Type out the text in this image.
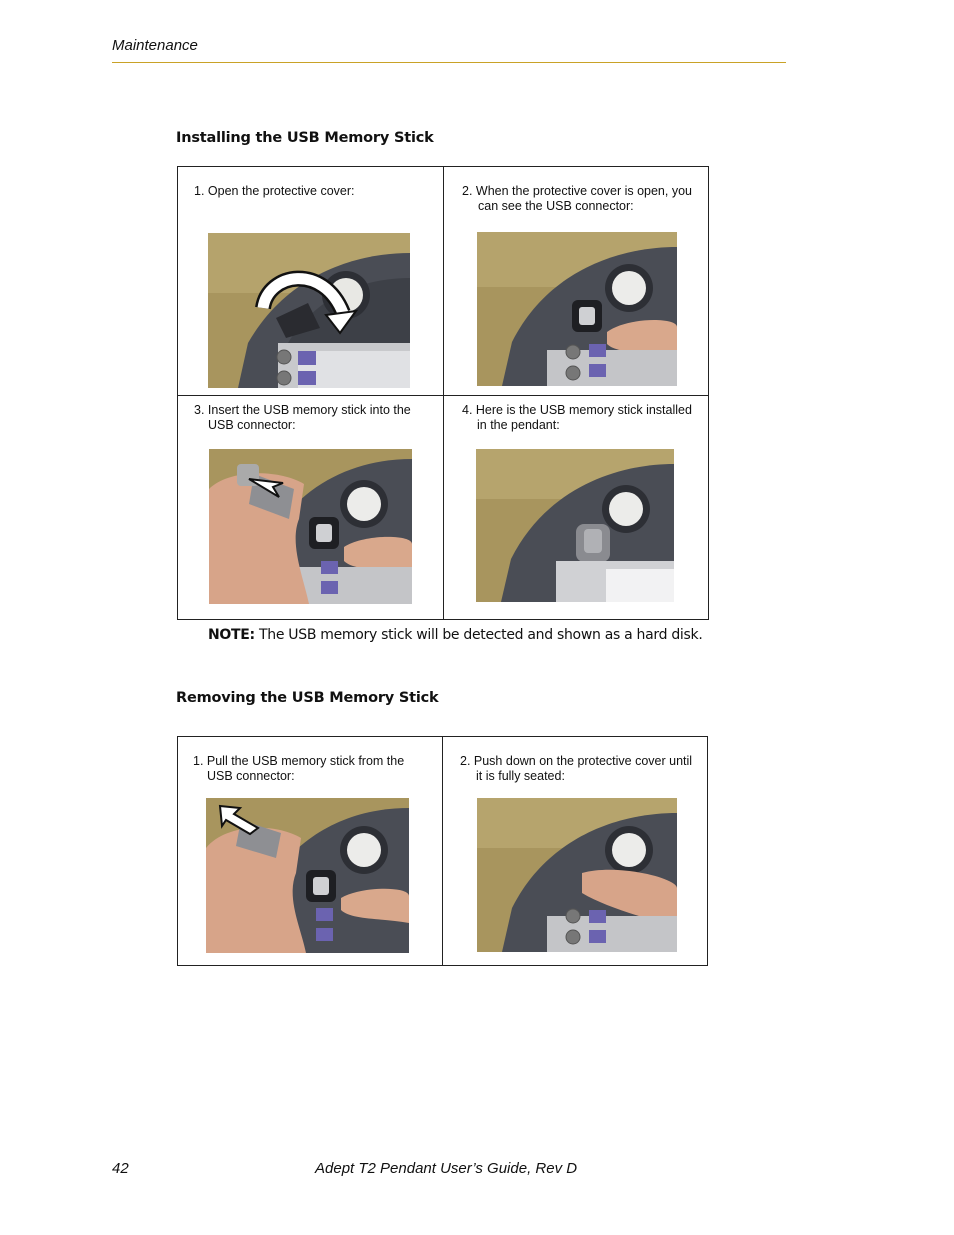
Maintenance
Installing the USB Memory Stick
1. Open the protective cover:	2. When the protective cover is open, you
can see the USB connector:
3. Insert the USB memory stick into the
USB connector:
4. Here is the USB memory stick installed
in the pendant:
NOTE: The USB memory stick will be detected and shown as a hard disk.
Removing the USB Memory Stick
1. Pull the USB memory stick from the
USB connector:
2. Push down on the protective cover until
it is fully seated:
42	Adept T2 Pendant User’s Guide, Rev D
